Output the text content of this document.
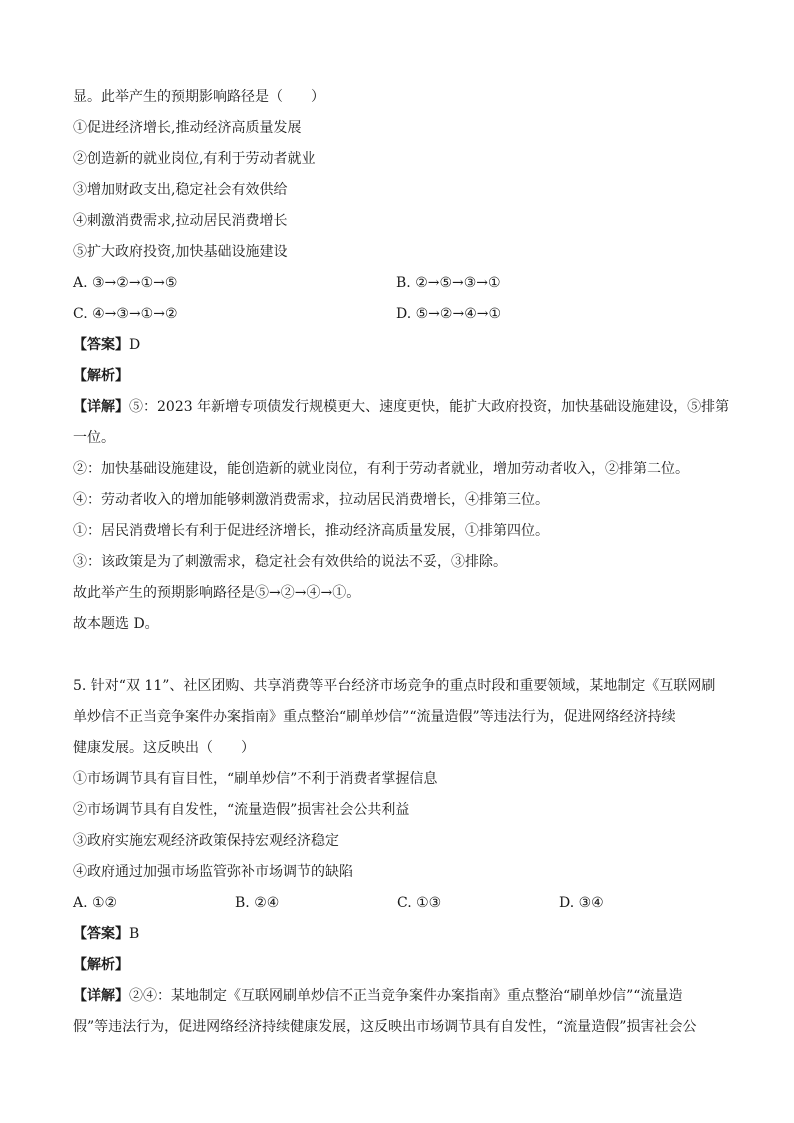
显。此举产生的预期影响路径是（　　）
①促进经济增长,推动经济高质量发展
②创造新的就业岗位,有利于劳动者就业
③增加财政支出,稳定社会有效供给
④刺激消费需求,拉动居民消费增长
⑤扩大政府投资,加快基础设施建设
A. ③→②→①→⑤	B. ②→⑤→③→①
C. ④→③→①→②	D. ⑤→②→④→①
【答案】D
【解析】
【详解】⑤：2023 年新增专项债发行规模更大、速度更快，能扩大政府投资，加快基础设施建设，⑤排第
一位。
②：加快基础设施建设，能创造新的就业岗位，有利于劳动者就业，增加劳动者收入，②排第二位。
④：劳动者收入的增加能够刺激消费需求，拉动居民消费增长，④排第三位。
①：居民消费增长有利于促进经济增长，推动经济高质量发展，①排第四位。
③：该政策是为了刺激需求，稳定社会有效供给的说法不妥，③排除。
故此举产生的预期影响路径是⑤→②→④→①。
故本题选 D。
5. 针对“双 11”、社区团购、共享消费等平台经济市场竞争的重点时段和重要领域，某地制定《互联网刷
单炒信不正当竞争案件办案指南》重点整治“刷单炒信”“流量造假”等违法行为，促进网络经济持续
健康发展。这反映出（　　）
①市场调节具有盲目性，“刷单炒信”不利于消费者掌握信息
②市场调节具有自发性，“流量造假”损害社会公共利益
③政府实施宏观经济政策保持宏观经济稳定
④政府通过加强市场监管弥补市场调节的缺陷
A. ①②	B. ②④	C. ①③	D. ③④
【答案】B
【解析】
【详解】②④：某地制定《互联网刷单炒信不正当竞争案件办案指南》重点整治“刷单炒信”“流量造
假”等违法行为，促进网络经济持续健康发展，这反映出市场调节具有自发性，“流量造假”损害社会公
